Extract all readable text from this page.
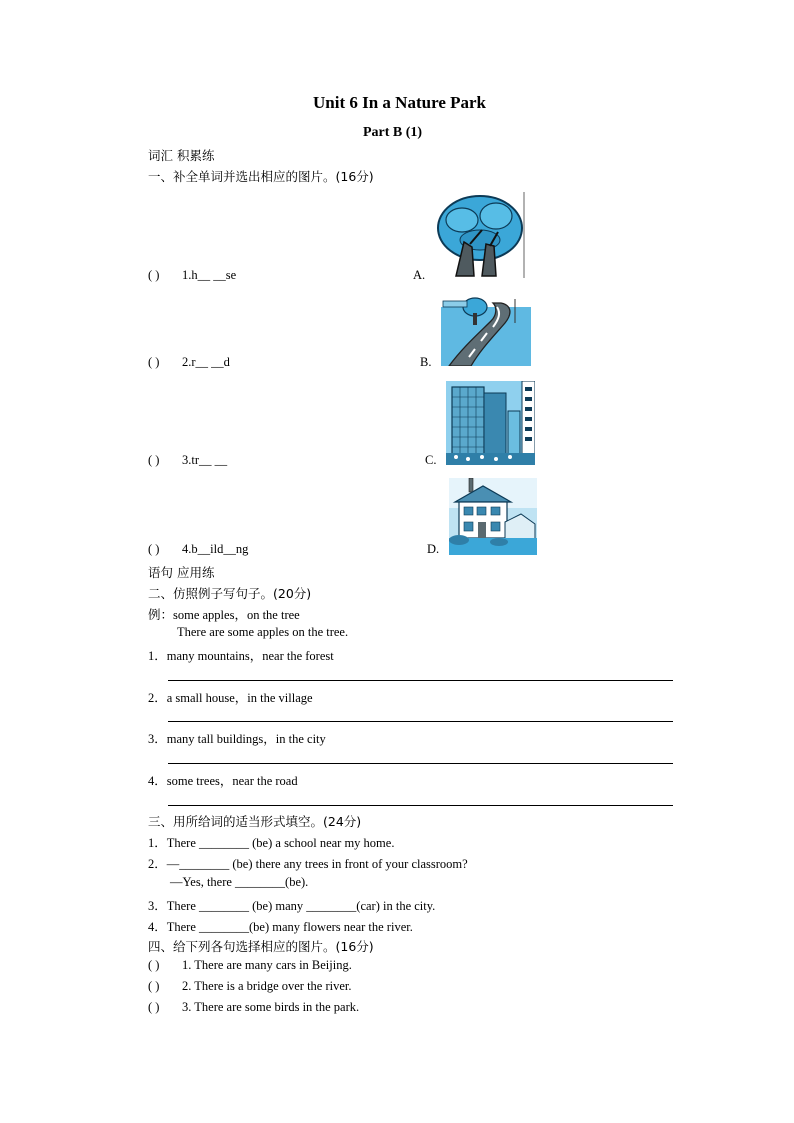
Unit 6 In a Nature Park
Part B (1)
词汇 积累练
一、补全单词并选出相应的图片。(16分)
( ) 1.h__ __se
( ) 2.r__ __d
( ) 3.tr__ __
( ) 4.b__ild__ng
A.
B.
C.
D.
语句 应用练
二、仿照例子写句子。(20分)
例：some apples，on the tree
There are some apples on the tree.
1．many mountains，near the forest
2．a small house，in the village
3．many tall buildings，in the city
4．some trees，near the road
三、用所给词的适当形式填空。(24分)
1．There ________ (be) a school near my home.
2．—________ (be) there any trees in front of your classroom?
—Yes, there ________(be).
3．There ________ (be) many ________(car) in the city.
4．There ________(be) many flowers near the river.
四、给下列各句选择相应的图片。(16分)
( ) 1. There are many cars in Beijing.
( ) 2. There is a bridge over the river.
( ) 3. There are some birds in the park.
